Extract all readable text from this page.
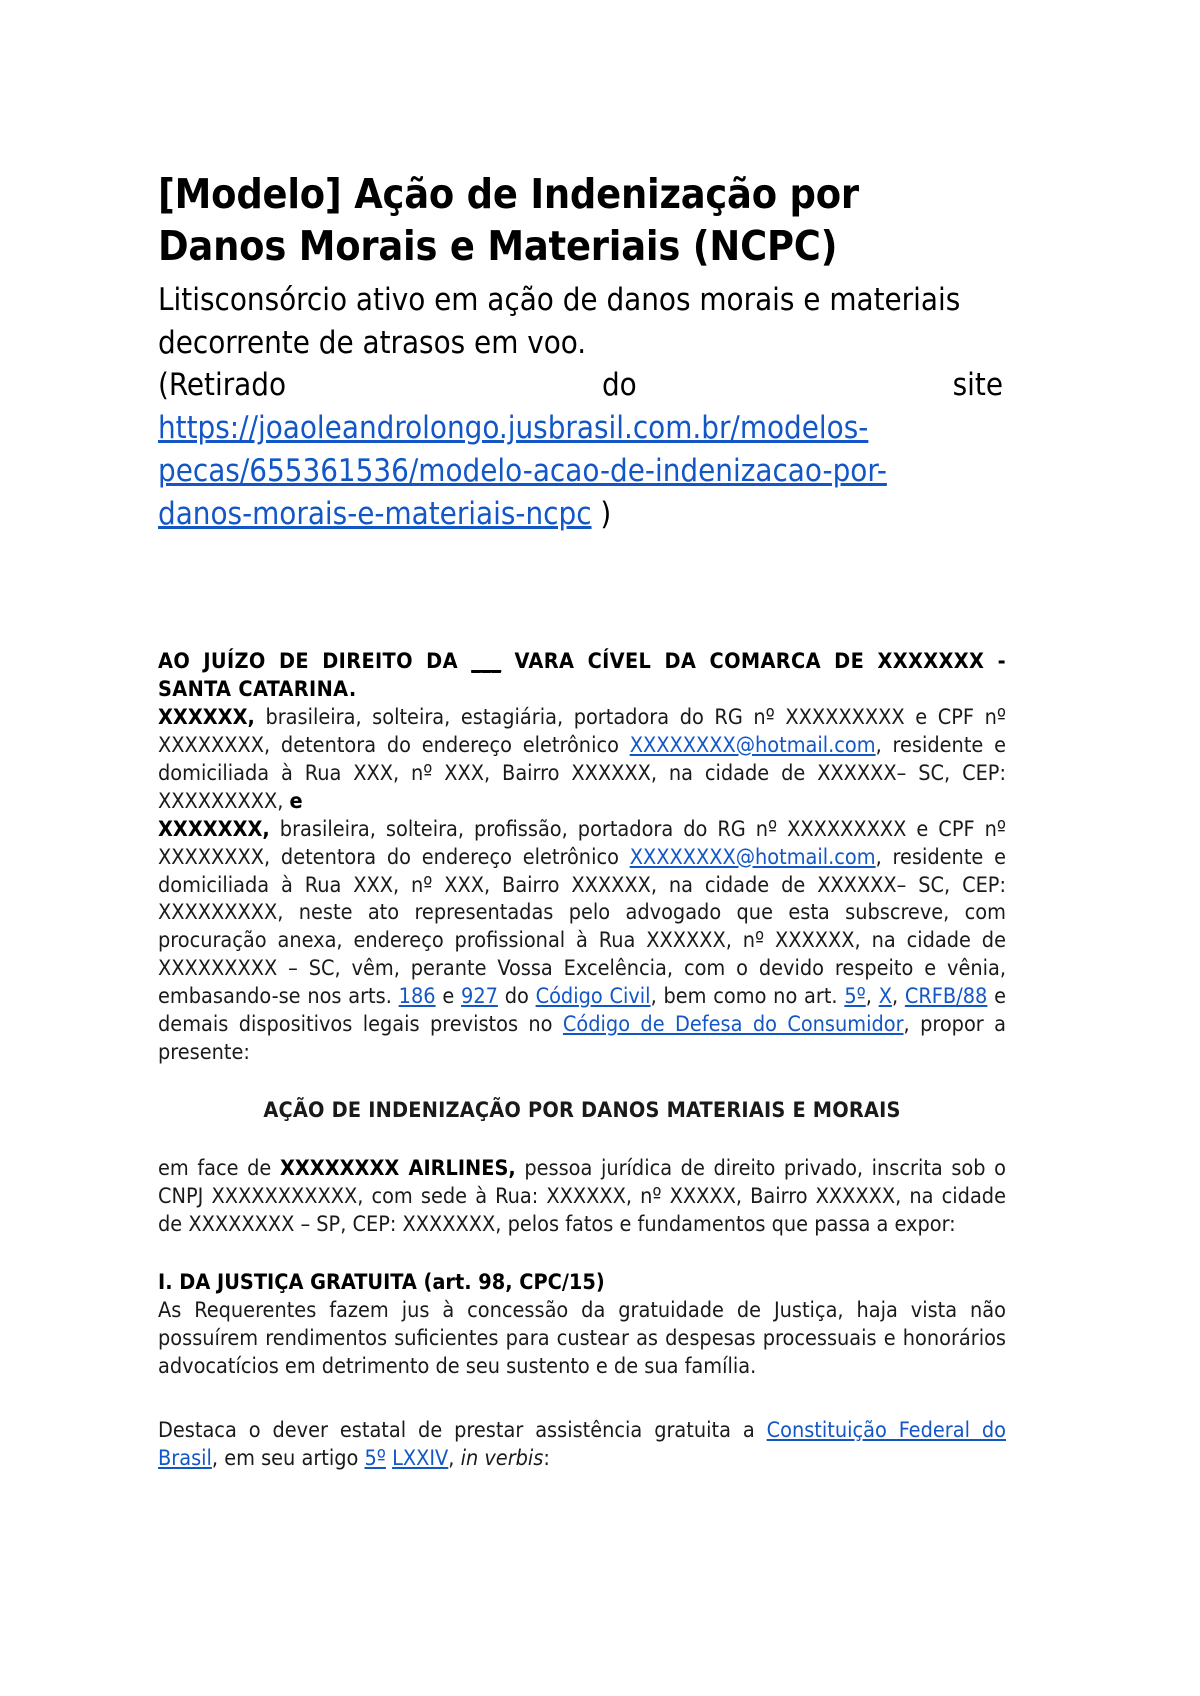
[Modelo] Ação de Indenização por
Danos Morais e Materiais (NCPC)

Litisconsórcio ativo em ação de danos morais e materiais decorrente de atrasos em voo.

(Retirado	do	site

https://joaoleandrolongo.jusbrasil.com.br/modelos-
pecas/655361536/modelo-acao-de-indenizacao-por-
danos-morais-e-materiais-ncpc )

AO JUÍZO DE DIREITO DA ___ VARA CÍVEL DA COMARCA DE XXXXXXX - SANTA CATARINA.

XXXXXX, brasileira, solteira, estagiária, portadora do RG nº XXXXXXXXX e CPF nº XXXXXXXX, detentora do endereço eletrônico XXXXXXXX@hotmail.com, residente e domiciliada à Rua XXX, nº XXX, Bairro XXXXXX, na cidade de XXXXXX– SC, CEP: XXXXXXXXX, e

XXXXXXX, brasileira, solteira, profissão, portadora do RG nº XXXXXXXXX e CPF nº XXXXXXXX, detentora do endereço eletrônico XXXXXXXX@hotmail.com, residente e domiciliada à Rua XXX, nº XXX, Bairro XXXXXX, na cidade de XXXXXX– SC, CEP: XXXXXXXXX, neste ato representadas pelo advogado que esta subscreve, com procuração anexa, endereço profissional à Rua XXXXXX, nº XXXXXX, na cidade de XXXXXXXXX – SC, vêm, perante Vossa Excelência, com o devido respeito e vênia, embasando-se nos arts. 186 e 927 do Código Civil, bem como no art. 5º, X, CRFB/88 e demais dispositivos legais previstos no Código de Defesa do Consumidor, propor a presente:

AÇÃO DE INDENIZAÇÃO POR DANOS MATERIAIS E MORAIS

em face de XXXXXXXX AIRLINES, pessoa jurídica de direito privado, inscrita sob o CNPJ XXXXXXXXXXX, com sede à Rua: XXXXXX, nº XXXXX, Bairro XXXXXX, na cidade de XXXXXXXX – SP, CEP: XXXXXXX, pelos fatos e fundamentos que passa a expor:

I. DA JUSTIÇA GRATUITA (art. 98, CPC/15)

As Requerentes fazem jus à concessão da gratuidade de Justiça, haja vista não possuírem rendimentos suficientes para custear as despesas processuais e honorários advocatícios em detrimento de seu sustento e de sua família.

Destaca o dever estatal de prestar assistência gratuita a Constituição Federal do Brasil, em seu artigo 5º LXXIV, in verbis:
